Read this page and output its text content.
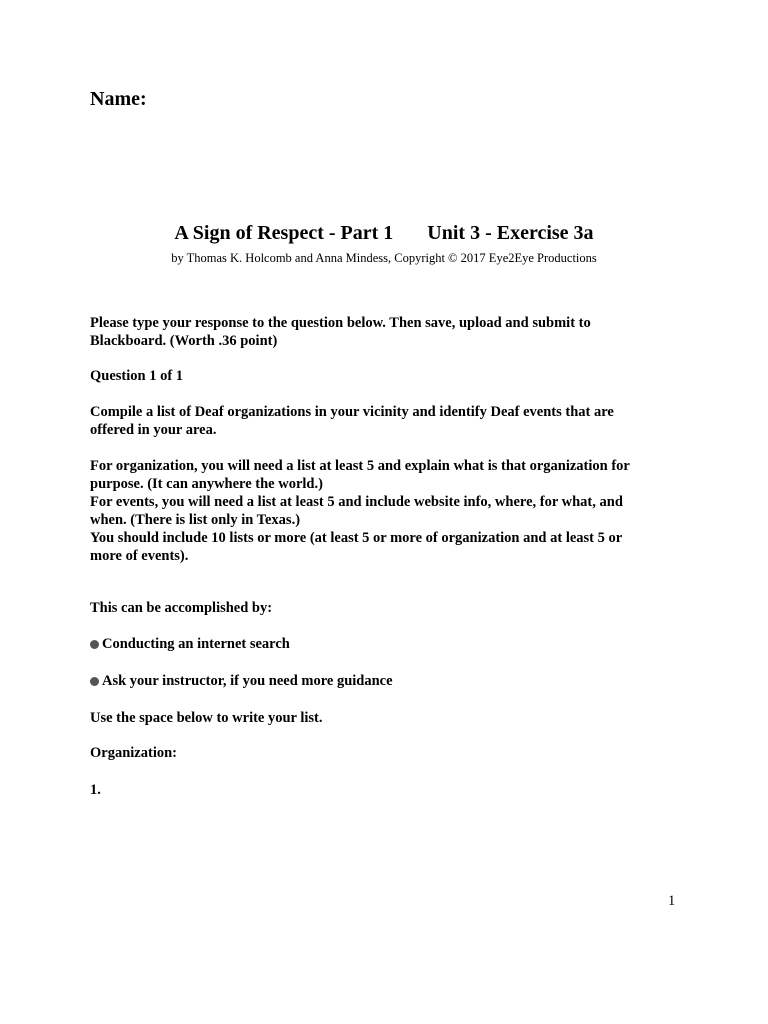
Name:

A Sign of Respect - Part 1 Unit 3 - Exercise 3a

by Thomas K. Holcomb and Anna Mindess, Copyright © 2017 Eye2Eye Productions

Please type your response to the question below. Then save, upload and submit to
Blackboard. (Worth .36 point)
Question 1 of 1
Compile a list of Deaf organizations in your vicinity and identify Deaf events that are
offered in your area.
For organization, you will need a list at least 5 and explain what is that organization for
purpose. (It can anywhere the world.)
For events, you will need a list at least 5 and include website info, where, for what, and
when. (There is list only in Texas.)
You should include 10 lists or more (at least 5 or more of organization and at least 5 or
more of events).
This can be accomplished by:
Conducting an internet search
Ask your instructor, if you need more guidance
Use the space below to write your list.
Organization:
1.

1
